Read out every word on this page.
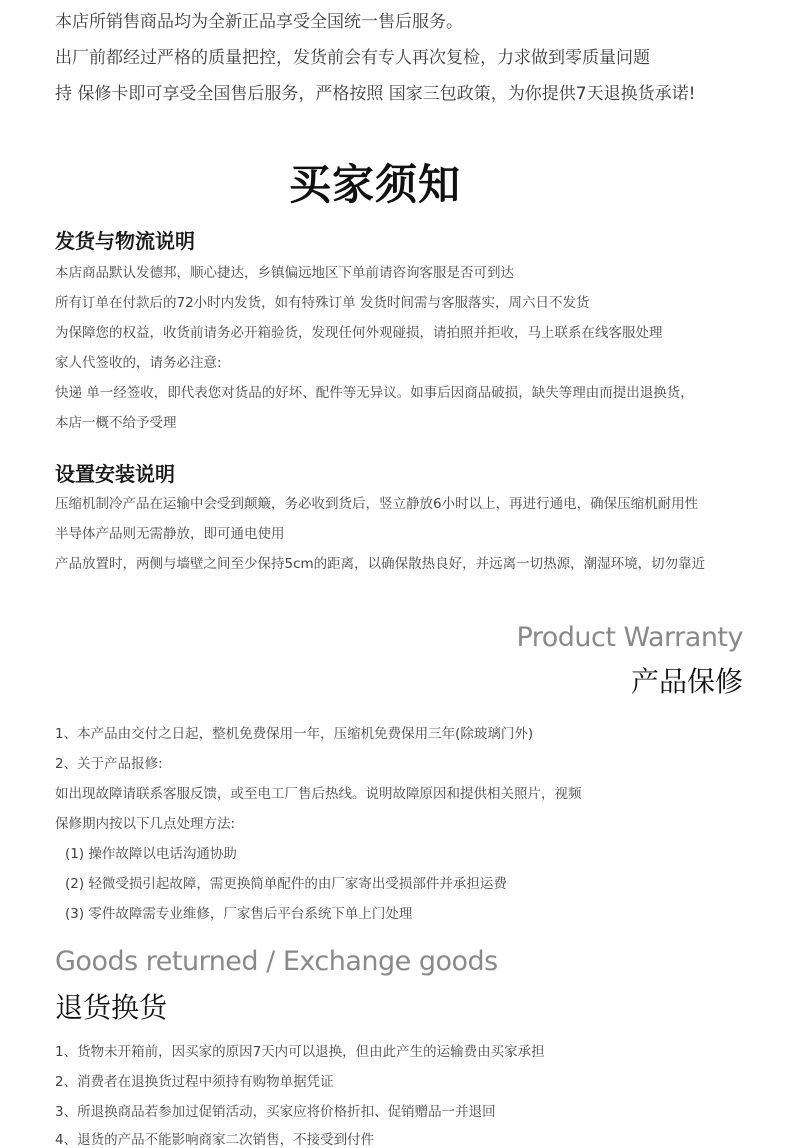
本店所销售商品均为全新正品享受全国统一售后服务。
出厂前都经过严格的质量把控，发货前会有专人再次复检，力求做到零质量问题
持 保修卡即可享受全国售后服务，严格按照 国家三包政策，为你提供7天退换货承诺!
买家须知
发货与物流说明
本店商品默认发德邦，顺心捷达，乡镇偏远地区下单前请咨询客服是否可到达
所有订单在付款后的72小时内发货，如有特殊订单 发货时间需与客服落实，周六日不发货
为保障您的权益，收货前请务必开箱验货，发现任何外观碰损，请拍照并拒收，马上联系在线客服处理
家人代签收的，请务必注意:
快递 单一经签收，即代表您对货品的好坏、配件等无异议。如事后因商品破损，缺失等理由而提出退换货，
本店一概不给予受理
设置安装说明
压缩机制冷产品在运输中会受到颠簸，务必收到货后，竖立静放6小时以上，再进行通电，确保压缩机耐用性
半导体产品则无需静放，即可通电使用
产品放置时，两侧与墙壁之间至少保持5cm的距离，以确保散热良好，并远离一切热源，潮湿环境，切勿靠近
Product Warranty
产品保修
1、本产品由交付之日起，整机免费保用一年，压缩机免费保用三年(除玻璃门外)
2、关于产品报修:
如出现故障请联系客服反馈，或至电工厂售后热线。说明故障原因和提供相关照片，视频
保修期内按以下几点处理方法:
(1) 操作故障以电话沟通协助
(2) 轻微受损引起故障，需更换简单配件的由厂家寄出受损部件并承担运费
(3) 零件故障需专业维修，厂家售后平台系统下单上门处理
Goods returned / Exchange goods
退货换货
1、货物未开箱前，因买家的原因7天内可以退换，但由此产生的运输费由买家承担
2、消费者在退换货过程中须持有购物单据凭证
3、所退换商品若参加过促销活动，买家应将价格折扣、促销赠品一并退回
4、退货的产品不能影响商家二次销售，不接受到付件
